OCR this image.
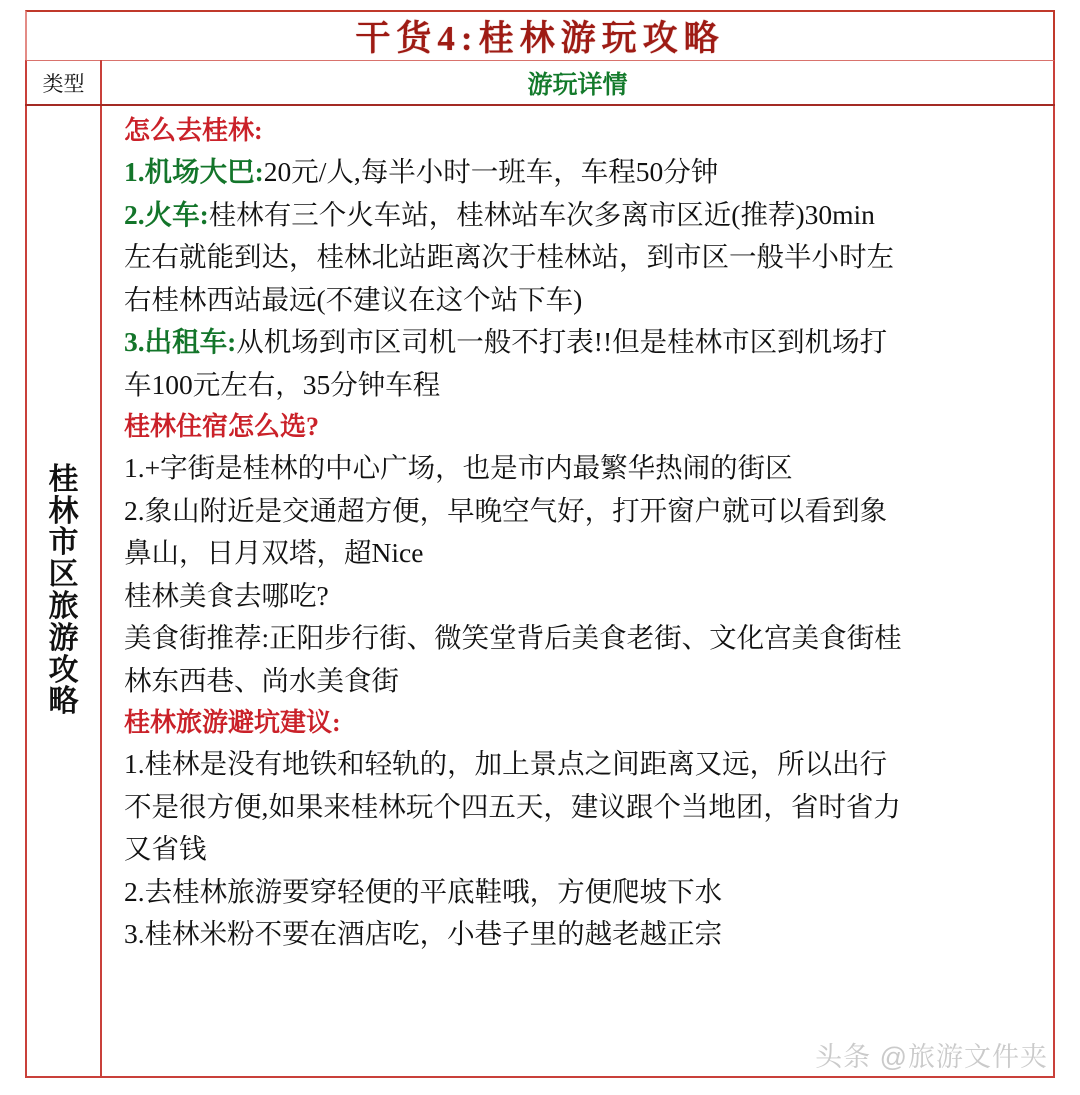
干货4:桂林游玩攻略
类型	游玩详情
桂
林
市
区
旅
游
攻
略
怎么去桂林:
1.机场大巴:20元/人,每半小时一班车，车程50分钟
2.火车:桂林有三个火车站，桂林站车次多离市区近(推荐)30min
左右就能到达，桂林北站距离次于桂林站，到市区一般半小时左
右桂林西站最远(不建议在这个站下车)
3.出租车:从机场到市区司机一般不打表!!但是桂林市区到机场打
车100元左右，35分钟车程
桂林住宿怎么选?
1.+字街是桂林的中心广场，也是市内最繁华热闹的街区
2.象山附近是交通超方便，早晚空气好，打开窗户就可以看到象
鼻山，日月双塔，超Nice
桂林美食去哪吃?
美食街推荐:正阳步行街、微笑堂背后美食老街、文化宫美食街桂
林东西巷、尚水美食街
桂林旅游避坑建议:
1.桂林是没有地铁和轻轨的，加上景点之间距离又远，所以出行
不是很方便,如果来桂林玩个四五天，建议跟个当地团，省时省力
又省钱
2.去桂林旅游要穿轻便的平底鞋哦，方便爬坡下水
3.桂林米粉不要在酒店吃，小巷子里的越老越正宗
头条 @旅游文件夹
